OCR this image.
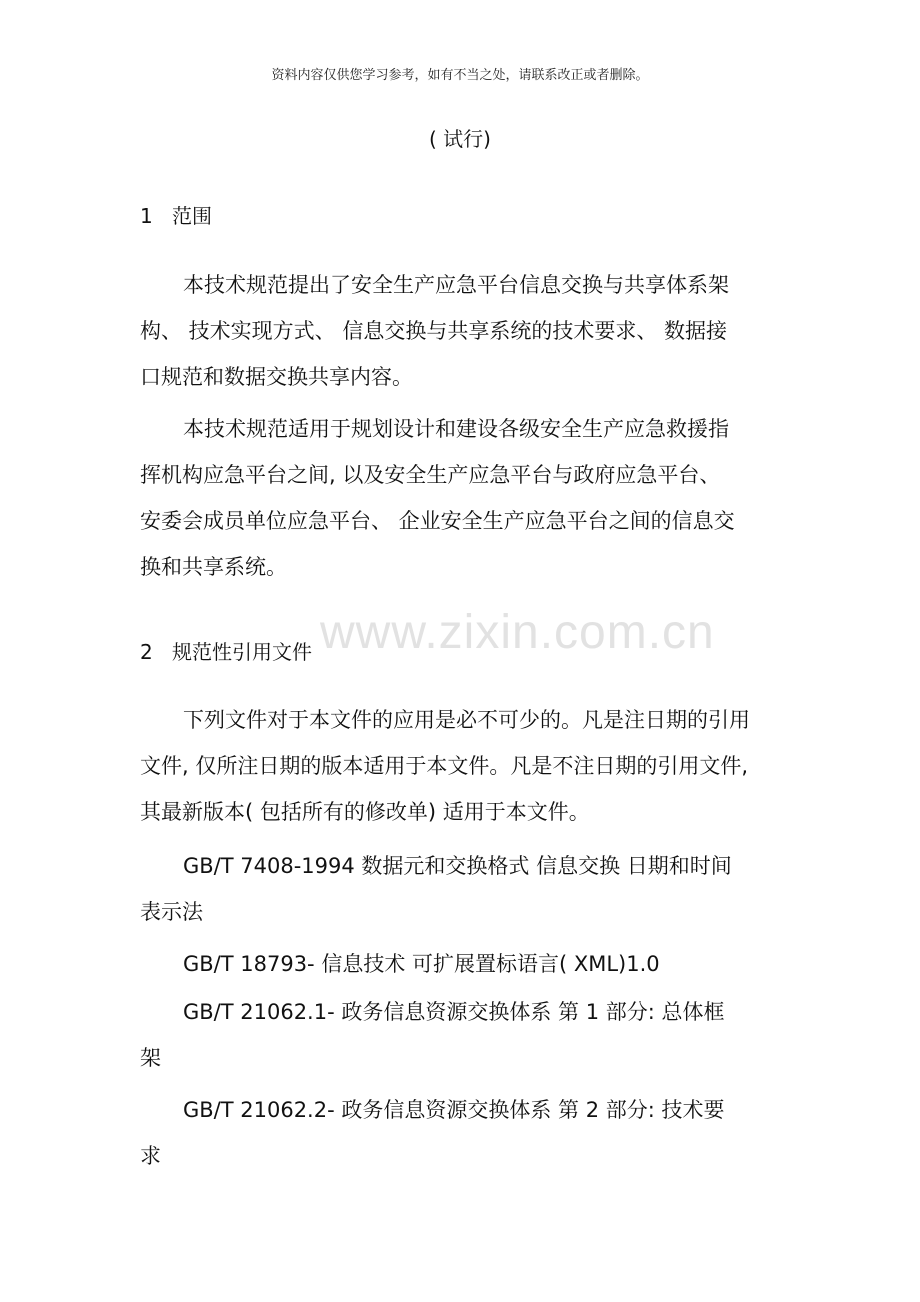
资料内容仅供您学习参考，如有不当之处，请联系改正或者删除。
( 试行)
www.zixin.com.cn
1 范围
本技术规范提出了安全生产应急平台信息交换与共享体系架
构、 技术实现方式、 信息交换与共享系统的技术要求、 数据接
口规范和数据交换共享内容。
本技术规范适用于规划设计和建设各级安全生产应急救援指
挥机构应急平台之间, 以及安全生产应急平台与政府应急平台、
安委会成员单位应急平台、 企业安全生产应急平台之间的信息交
换和共享系统。
2 规范性引用文件
下列文件对于本文件的应用是必不可少的。凡是注日期的引用
文件, 仅所注日期的版本适用于本文件。凡是不注日期的引用文件,
其最新版本( 包括所有的修改单) 适用于本文件。
GB/T 7408-1994 数据元和交换格式 信息交换 日期和时间
表示法
GB/T 18793- 信息技术 可扩展置标语言( XML)1.0
GB/T 21062.1- 政务信息资源交换体系 第 1 部分: 总体框
架
GB/T 21062.2- 政务信息资源交换体系 第 2 部分: 技术要
求
